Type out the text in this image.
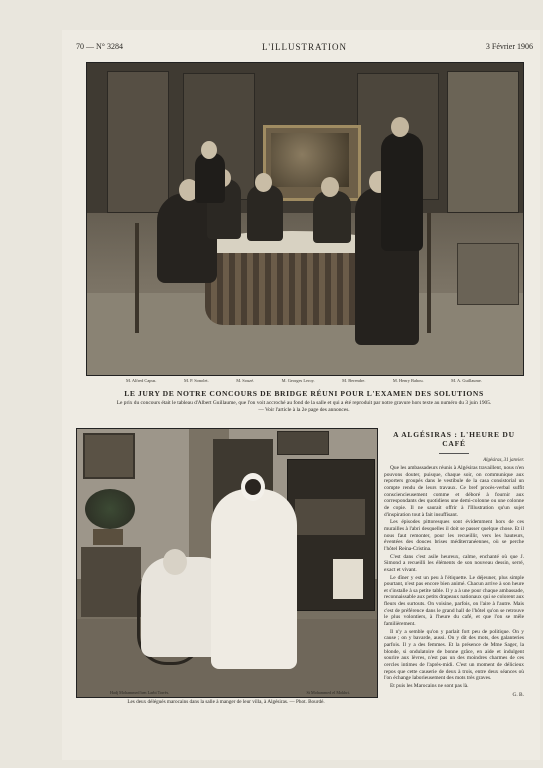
70 — N° 3284	L'ILLUSTRATION	3 Février 1906
M. Alfred Capus.	M. P. Sonolet.	M. Souzé.	M. Georges Leroy.	M. Berendre.	M. Henry Bahou.	M. A. Guillaume.
LE JURY DE NOTRE CONCOURS DE BRIDGE RÉUNI POUR L'EXAMEN DES SOLUTIONS
Le prix du concours était le tableau d'Albert Guillaume, que l'on voit accroché au fond de la salle et qui a été reproduit par notre gravure hors texte au numéro du 3 juin 1905. — Voir l'article à la 2e page des annonces.
Hadj Mohammed ben Larbi Torrès.	Si Mohammed el Mokhri.
Les deux délégués marocains dans la salle à manger de leur villa, à Algésiras. — Phot. Bourdé.
A ALGÉSIRAS : L'HEURE DU CAFÉ
Algésiras, 31 janvier.

Que les ambassadeurs réunis à Algésiras travaillent, nous n'en pouvons douter, puisque, chaque soir, on communique aux reporters groupés dans le vestibule de la casa consistorial un compte rendu de leurs travaux. Ce bref procès-verbal suffit consciencieusement comme et déboré à fournir aux correspondants des quotidiens une demi-colonne ou une colonne de copie. Il ne saurait offrir à l'Illustration qu'un sujet d'inspiration tout à fait insuffisant.

Les épisodes pittoresques sont évidemment hors de ces murailles à l'abri desquelles il doit se passer quelque chose. Et il nous faut remonter, pour les recueillir, vers les hauteurs, éventées des douces brises méditerranéennes, où se perche l'hôtel Reina-Cristina.

C'est dans c'est asile heureux, calme, enchanté où que J. Simond a recueilli les éléments de son nouveau dessin, serré, exact et vivant.

Le dîner y est un peu à l'étiquette. Le déjeuner, plus simple pourtant, n'est pas encore bien animé. Chacun arrive à son heure et s'installe à sa petite table. Il y a à une pour chaque ambassade, reconnaissable aux petits drapeaux nationaux qui se colorent aux fleurs des surtouts. On voisine, parfois, on l'aire à l'autre. Mais c'est de préférence dans le grand hall de l'hôtel qu'on se retrouve le plus volontiers, à l'heure du café, et que l'on se mêle familièrement.

Il n'y a semble qu'on y parlait fort peu de politique. On y cause ; on y bavarde, aussi. On y dit des mots, des galanteries parfois. Il y a des femmes. Et la présence de Mme Sager, la blonde, si ondulatoire de bonne grâce, en aide et indulgent sourire aux lèvres, n'est pas un des moindres charmes de ces cercles intimes de l'après-midi. C'est un moment de délicieux repos que cette causerie de deux à trois, entre deux séances où l'on échange laborieusement des mots très graves.

Et puis les Marocains ne sont pas là.

G. B.
